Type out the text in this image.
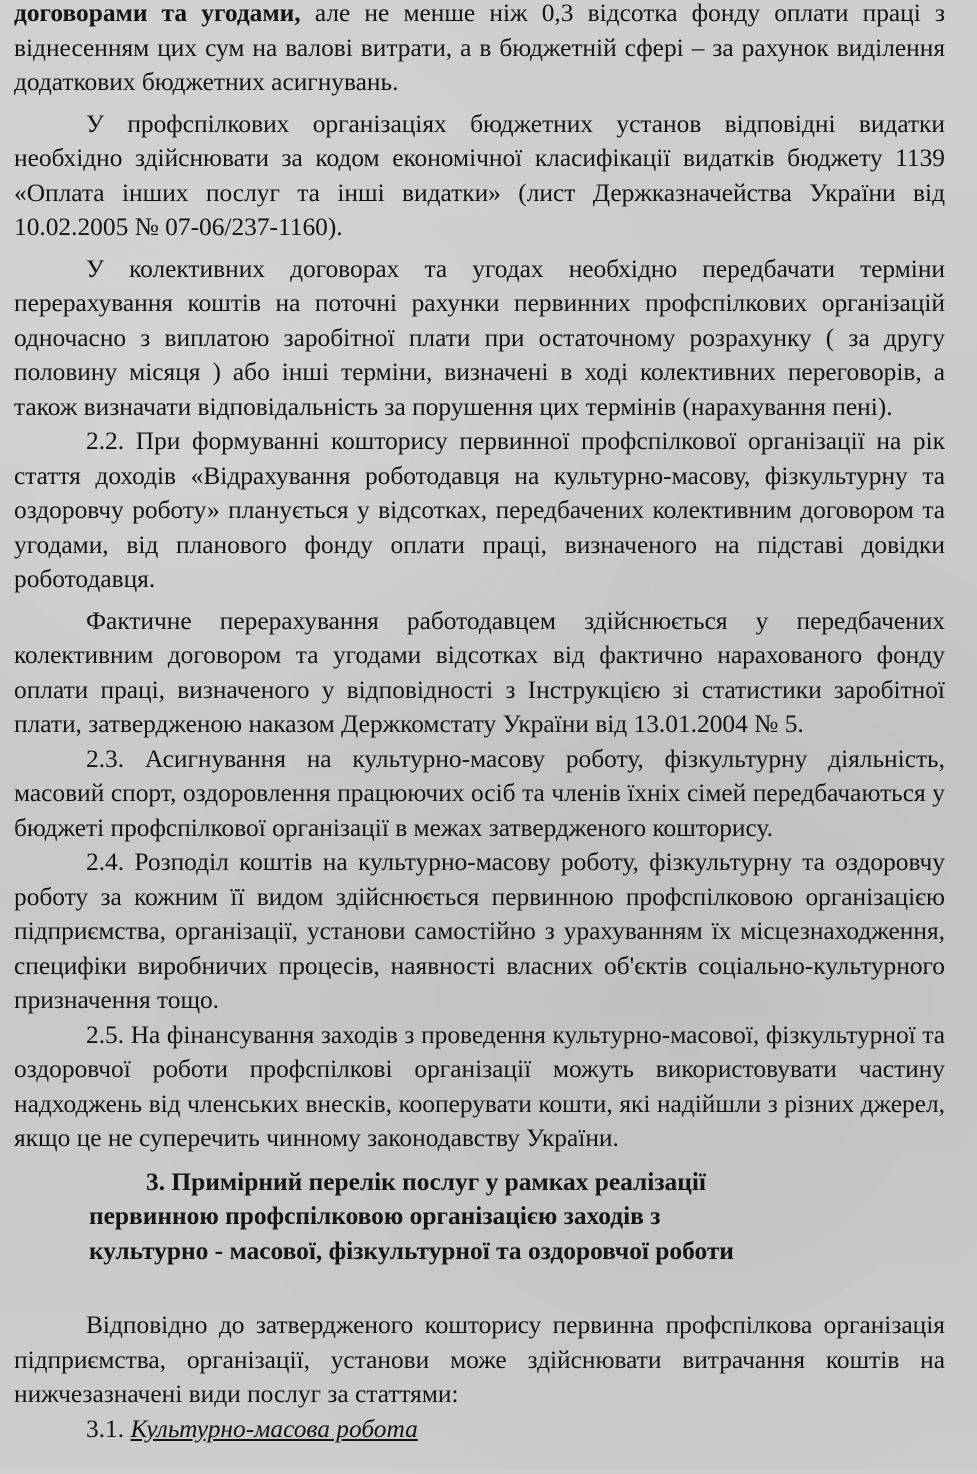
договорами та угодами, але не менше ніж 0,3 відсотка фонду оплати праці з віднесенням цих сум на валові витрати, а в бюджетній сфері – за рахунок виділення додаткових бюджетних асигнувань.

У профспілкових організаціях бюджетних установ відповідні видатки необхідно здійснювати за кодом економічної класифікації видатків бюджету 1139 «Оплата інших послуг та інші видатки» (лист Держказначейства України від 10.02.2005 № 07-06/237-1160).

У колективних договорах та угодах необхідно передбачати терміни перерахування коштів на поточні рахунки первинних профспілкових організацій одночасно з виплатою заробітної плати при остаточному розрахунку ( за другу половину місяця ) або інші терміни, визначені в ході колективних переговорів, а також визначати відповідальність за порушення цих термінів (нарахування пені).

2.2. При формуванні кошторису первинної профспілкової організації на рік стаття доходів «Відрахування роботодавця на культурно-масову, фізкультурну та оздоровчу роботу» планується у відсотках, передбачених колективним договором та угодами, від планового фонду оплати праці, визначеного на підставі довідки роботодавця.

Фактичне перерахування работодавцем здійснюється у передбачених колективним договором та угодами відсотках від фактично нарахованого фонду оплати праці, визначеного у відповідності з Інструкцією зі статистики заробітної плати, затвердженою наказом Держкомстату України від 13.01.2004 № 5.

2.3. Асигнування на культурно-масову роботу, фізкультурну діяльність, масовий спорт, оздоровлення працюючих осіб та членів їхніх сімей передбачаються у бюджеті профспілкової організації в межах затвердженого кошторису.

2.4. Розподіл коштів на культурно-масову роботу, фізкультурну та оздоровчу роботу за кожним її видом здійснюється первинною профспілковою організацією підприємства, організації, установи самостійно з урахуванням їх місцезнаходження, специфіки виробничих процесів, наявності власних об'єктів соціально-культурного призначення тощо.

2.5. На фінансування заходів з проведення культурно-масової, фізкультурної та оздоровчої роботи профспілкові організації можуть використовувати частину надходжень від членських внесків, кооперувати кошти, які надійшли з різних джерел, якщо це не суперечить чинному законодавству України.

3. Примірний перелік послуг у рамках реалізації
первинною профспілковою організацією заходів з
культурно - масової, фізкультурної та оздоровчої роботи

Відповідно до затвердженого кошторису первинна профспілкова організація підприємства, організації, установи може здійснювати витрачання коштів на нижчезазначені види послуг за статтями:

3.1. Культурно-масова робота
